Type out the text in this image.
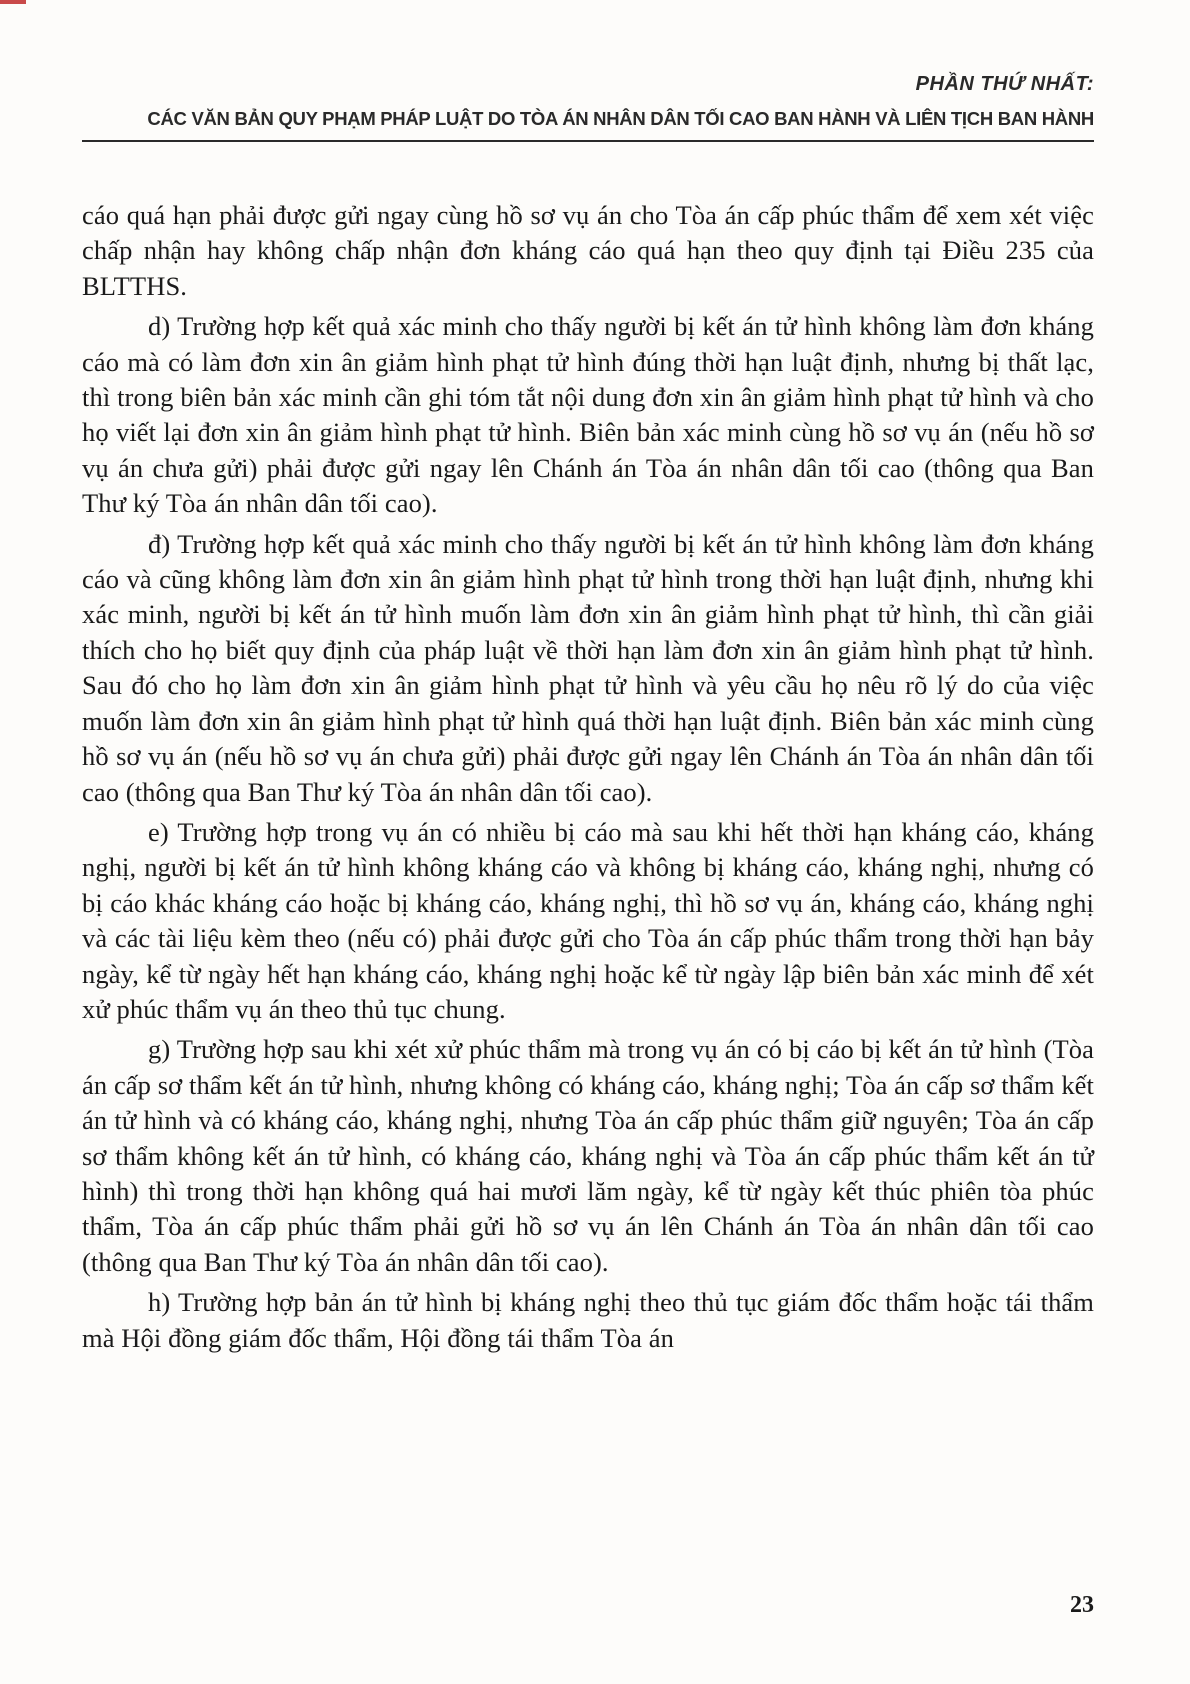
PHẦN THỨ NHẤT:
CÁC VĂN BẢN QUY PHẠM PHÁP LUẬT DO TÒA ÁN NHÂN DÂN TỐI CAO BAN HÀNH VÀ LIÊN TỊCH BAN HÀNH

cáo quá hạn phải được gửi ngay cùng hồ sơ vụ án cho Tòa án cấp phúc thẩm để xem xét việc chấp nhận hay không chấp nhận đơn kháng cáo quá hạn theo quy định tại Điều 235 của BLTTHS.

d) Trường hợp kết quả xác minh cho thấy người bị kết án tử hình không làm đơn kháng cáo mà có làm đơn xin ân giảm hình phạt tử hình đúng thời hạn luật định, nhưng bị thất lạc, thì trong biên bản xác minh cần ghi tóm tắt nội dung đơn xin ân giảm hình phạt tử hình và cho họ viết lại đơn xin ân giảm hình phạt tử hình. Biên bản xác minh cùng hồ sơ vụ án (nếu hồ sơ vụ án chưa gửi) phải được gửi ngay lên Chánh án Tòa án nhân dân tối cao (thông qua Ban Thư ký Tòa án nhân dân tối cao).

đ) Trường hợp kết quả xác minh cho thấy người bị kết án tử hình không làm đơn kháng cáo và cũng không làm đơn xin ân giảm hình phạt tử hình trong thời hạn luật định, nhưng khi xác minh, người bị kết án tử hình muốn làm đơn xin ân giảm hình phạt tử hình, thì cần giải thích cho họ biết quy định của pháp luật về thời hạn làm đơn xin ân giảm hình phạt tử hình. Sau đó cho họ làm đơn xin ân giảm hình phạt tử hình và yêu cầu họ nêu rõ lý do của việc muốn làm đơn xin ân giảm hình phạt tử hình quá thời hạn luật định. Biên bản xác minh cùng hồ sơ vụ án (nếu hồ sơ vụ án chưa gửi) phải được gửi ngay lên Chánh án Tòa án nhân dân tối cao (thông qua Ban Thư ký Tòa án nhân dân tối cao).

e) Trường hợp trong vụ án có nhiều bị cáo mà sau khi hết thời hạn kháng cáo, kháng nghị, người bị kết án tử hình không kháng cáo và không bị kháng cáo, kháng nghị, nhưng có bị cáo khác kháng cáo hoặc bị kháng cáo, kháng nghị, thì hồ sơ vụ án, kháng cáo, kháng nghị và các tài liệu kèm theo (nếu có) phải được gửi cho Tòa án cấp phúc thẩm trong thời hạn bảy ngày, kể từ ngày hết hạn kháng cáo, kháng nghị hoặc kể từ ngày lập biên bản xác minh để xét xử phúc thẩm vụ án theo thủ tục chung.

g) Trường hợp sau khi xét xử phúc thẩm mà trong vụ án có bị cáo bị kết án tử hình (Tòa án cấp sơ thẩm kết án tử hình, nhưng không có kháng cáo, kháng nghị; Tòa án cấp sơ thẩm kết án tử hình và có kháng cáo, kháng nghị, nhưng Tòa án cấp phúc thẩm giữ nguyên; Tòa án cấp sơ thẩm không kết án tử hình, có kháng cáo, kháng nghị và Tòa án cấp phúc thẩm kết án tử hình) thì trong thời hạn không quá hai mươi lăm ngày, kể từ ngày kết thúc phiên tòa phúc thẩm, Tòa án cấp phúc thẩm phải gửi hồ sơ vụ án lên Chánh án Tòa án nhân dân tối cao (thông qua Ban Thư ký Tòa án nhân dân tối cao).

h) Trường hợp bản án tử hình bị kháng nghị theo thủ tục giám đốc thẩm hoặc tái thẩm mà Hội đồng giám đốc thẩm, Hội đồng tái thẩm Tòa án

23
